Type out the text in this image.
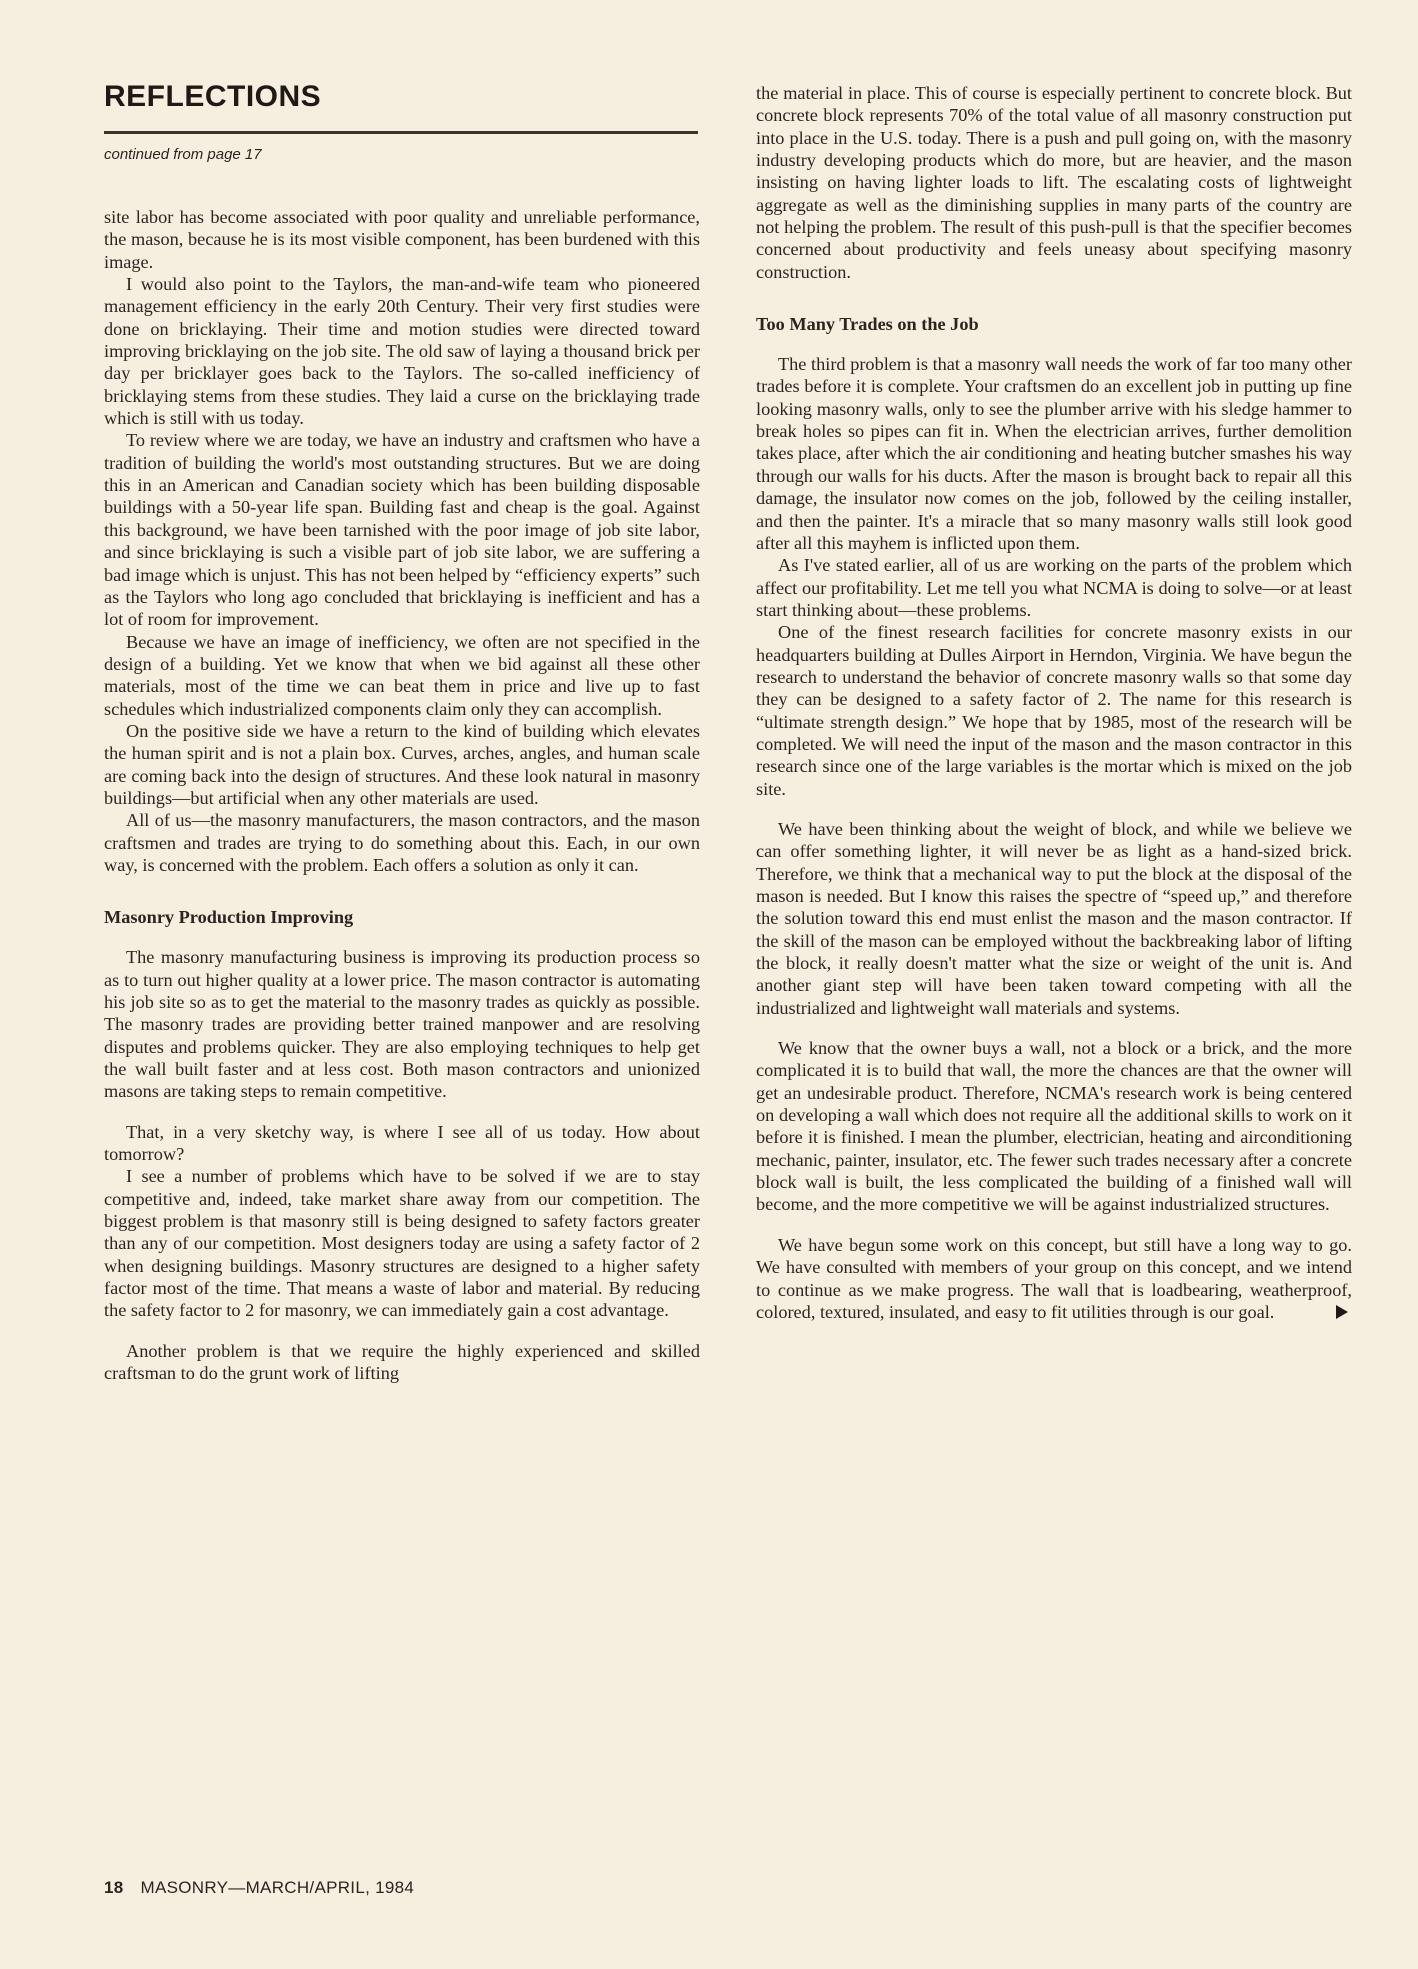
REFLECTIONS
continued from page 17

site labor has become associated with poor quality and unreliable performance, the mason, because he is its most visible component, has been burdened with this image.

I would also point to the Taylors, the man-and-wife team who pioneered management efficiency in the early 20th Century. Their very first studies were done on bricklaying. Their time and motion studies were directed toward improving bricklaying on the job site. The old saw of laying a thousand brick per day per bricklayer goes back to the Taylors. The so-called inefficiency of bricklaying stems from these studies. They laid a curse on the bricklaying trade which is still with us today.

To review where we are today, we have an industry and craftsmen who have a tradition of building the world's most outstanding structures. But we are doing this in an American and Canadian society which has been building disposable buildings with a 50-year life span. Building fast and cheap is the goal. Against this background, we have been tarnished with the poor image of job site labor, and since bricklaying is such a visible part of job site labor, we are suffering a bad image which is unjust. This has not been helped by “efficiency experts” such as the Taylors who long ago concluded that bricklaying is inefficient and has a lot of room for improvement.

Because we have an image of inefficiency, we often are not specified in the design of a building. Yet we know that when we bid against all these other materials, most of the time we can beat them in price and live up to fast schedules which industrialized components claim only they can accomplish.

On the positive side we have a return to the kind of building which elevates the human spirit and is not a plain box. Curves, arches, angles, and human scale are coming back into the design of structures. And these look natural in masonry buildings—but artificial when any other materials are used.

All of us—the masonry manufacturers, the mason contractors, and the mason craftsmen and trades are trying to do something about this. Each, in our own way, is concerned with the problem. Each offers a solution as only it can.

Masonry Production Improving

The masonry manufacturing business is improving its production process so as to turn out higher quality at a lower price. The mason contractor is automating his job site so as to get the material to the masonry trades as quickly as possible. The masonry trades are providing better trained manpower and are resolving disputes and problems quicker. They are also employing techniques to help get the wall built faster and at less cost. Both mason contractors and unionized masons are taking steps to remain competitive.

That, in a very sketchy way, is where I see all of us today. How about tomorrow?

I see a number of problems which have to be solved if we are to stay competitive and, indeed, take market share away from our competition. The biggest problem is that masonry still is being designed to safety factors greater than any of our competition. Most designers today are using a safety factor of 2 when designing buildings. Masonry structures are designed to a higher safety factor most of the time. That means a waste of labor and material. By reducing the safety factor to 2 for masonry, we can immediately gain a cost advantage.

Another problem is that we require the highly experienced and skilled craftsman to do the grunt work of lifting

the material in place. This of course is especially pertinent to concrete block. But concrete block represents 70% of the total value of all masonry construction put into place in the U.S. today. There is a push and pull going on, with the masonry industry developing products which do more, but are heavier, and the mason insisting on having lighter loads to lift. The escalating costs of lightweight aggregate as well as the diminishing supplies in many parts of the country are not helping the problem. The result of this push-pull is that the specifier becomes concerned about productivity and feels uneasy about specifying masonry construction.

Too Many Trades on the Job

The third problem is that a masonry wall needs the work of far too many other trades before it is complete. Your craftsmen do an excellent job in putting up fine looking masonry walls, only to see the plumber arrive with his sledge hammer to break holes so pipes can fit in. When the electrician arrives, further demolition takes place, after which the air conditioning and heating butcher smashes his way through our walls for his ducts. After the mason is brought back to repair all this damage, the insulator now comes on the job, followed by the ceiling installer, and then the painter. It's a miracle that so many masonry walls still look good after all this mayhem is inflicted upon them.

As I've stated earlier, all of us are working on the parts of the problem which affect our profitability. Let me tell you what NCMA is doing to solve—or at least start thinking about—these problems.

One of the finest research facilities for concrete masonry exists in our headquarters building at Dulles Airport in Herndon, Virginia. We have begun the research to understand the behavior of concrete masonry walls so that some day they can be designed to a safety factor of 2. The name for this research is “ultimate strength design.” We hope that by 1985, most of the research will be completed. We will need the input of the mason and the mason contractor in this research since one of the large variables is the mortar which is mixed on the job site.

We have been thinking about the weight of block, and while we believe we can offer something lighter, it will never be as light as a hand-sized brick. Therefore, we think that a mechanical way to put the block at the disposal of the mason is needed. But I know this raises the spectre of “speed up,” and therefore the solution toward this end must enlist the mason and the mason contractor. If the skill of the mason can be employed without the backbreaking labor of lifting the block, it really doesn't matter what the size or weight of the unit is. And another giant step will have been taken toward competing with all the industrialized and lightweight wall materials and systems.

We know that the owner buys a wall, not a block or a brick, and the more complicated it is to build that wall, the more the chances are that the owner will get an undesirable product. Therefore, NCMA's research work is being centered on developing a wall which does not require all the additional skills to work on it before it is finished. I mean the plumber, electrician, heating and airconditioning mechanic, painter, insulator, etc. The fewer such trades necessary after a concrete block wall is built, the less complicated the building of a finished wall will become, and the more competitive we will be against industrialized structures.

We have begun some work on this concept, but still have a long way to go. We have consulted with members of your group on this concept, and we intend to continue as we make progress. The wall that is loadbearing, weatherproof, colored, textured, insulated, and easy to fit utilities through is our goal.

18 MASONRY—MARCH/APRIL, 1984
